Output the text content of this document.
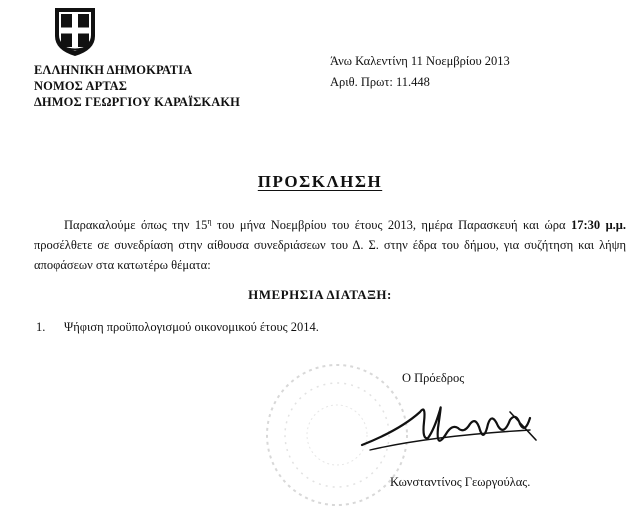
ΕΛΛΗΝΙΚΗ ΔΗΜΟΚΡΑΤΙΑ
ΝΟΜΟΣ ΑΡΤΑΣ
ΔΗΜΟΣ ΓΕΩΡΓΙΟΥ ΚΑΡΑΪΣΚΑΚΗ
Άνω Καλεντίνη 11 Νοεμβρίου 2013
Αριθ. Πρωτ: 11.448
ΠΡΟΣΚΛΗΣΗ
Παρακαλούμε όπως την $15^\eta$ του μήνα Νοεμβρίου του έτους 2013, ημέρα Παρασκευή και ώρα 17:30 μ.μ. προσέλθετε σε συνεδρίαση στην αίθουσα συνεδριάσεων του Δ. Σ. στην έδρα του δήμου, για συζήτηση και λήψη αποφάσεων στα κατωτέρω θέματα:
ΗΜΕΡΗΣΙΑ ΔΙΑΤΑΞΗ:
1. Ψήφιση προϋπολογισμού οικονομικού έτους 2014.
Ο Πρόεδρος
Κωνσταντίνος Γεωργούλας.
